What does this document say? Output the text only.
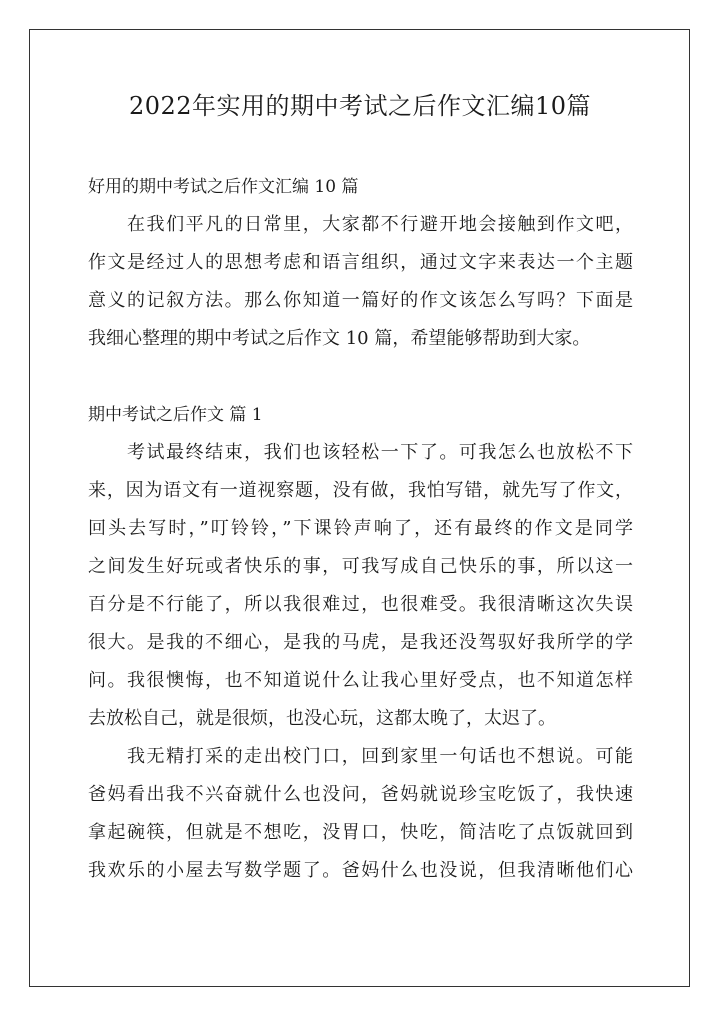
2022年实用的期中考试之后作文汇编10篇

好用的期中考试之后作文汇编 10 篇

　　在我们平凡的日常里，大家都不行避开地会接触到作文吧，

作文是经过人的思想考虑和语言组织，通过文字来表达一个主题

意义的记叙方法。那么你知道一篇好的作文该怎么写吗？下面是

我细心整理的期中考试之后作文 10 篇，希望能够帮助到大家。

期中考试之后作文 篇 1

　　考试最终结束，我们也该轻松一下了。可我怎么也放松不下

来，因为语文有一道视察题，没有做，我怕写错，就先写了作文，

回头去写时，”叮铃铃，”下课铃声响了，还有最终的作文是同学

之间发生好玩或者快乐的事，可我写成自己快乐的事，所以这一

百分是不行能了，所以我很难过，也很难受。我很清晰这次失误

很大。是我的不细心，是我的马虎，是我还没驾驭好我所学的学

问。我很懊悔，也不知道说什么让我心里好受点，也不知道怎样

去放松自己，就是很烦，也没心玩，这都太晚了，太迟了。

　　我无精打采的走出校门口，回到家里一句话也不想说。可能

爸妈看出我不兴奋就什么也没问，爸妈就说珍宝吃饭了，我快速

拿起碗筷，但就是不想吃，没胃口，快吃，简洁吃了点饭就回到

我欢乐的小屋去写数学题了。爸妈什么也没说，但我清晰他们心
